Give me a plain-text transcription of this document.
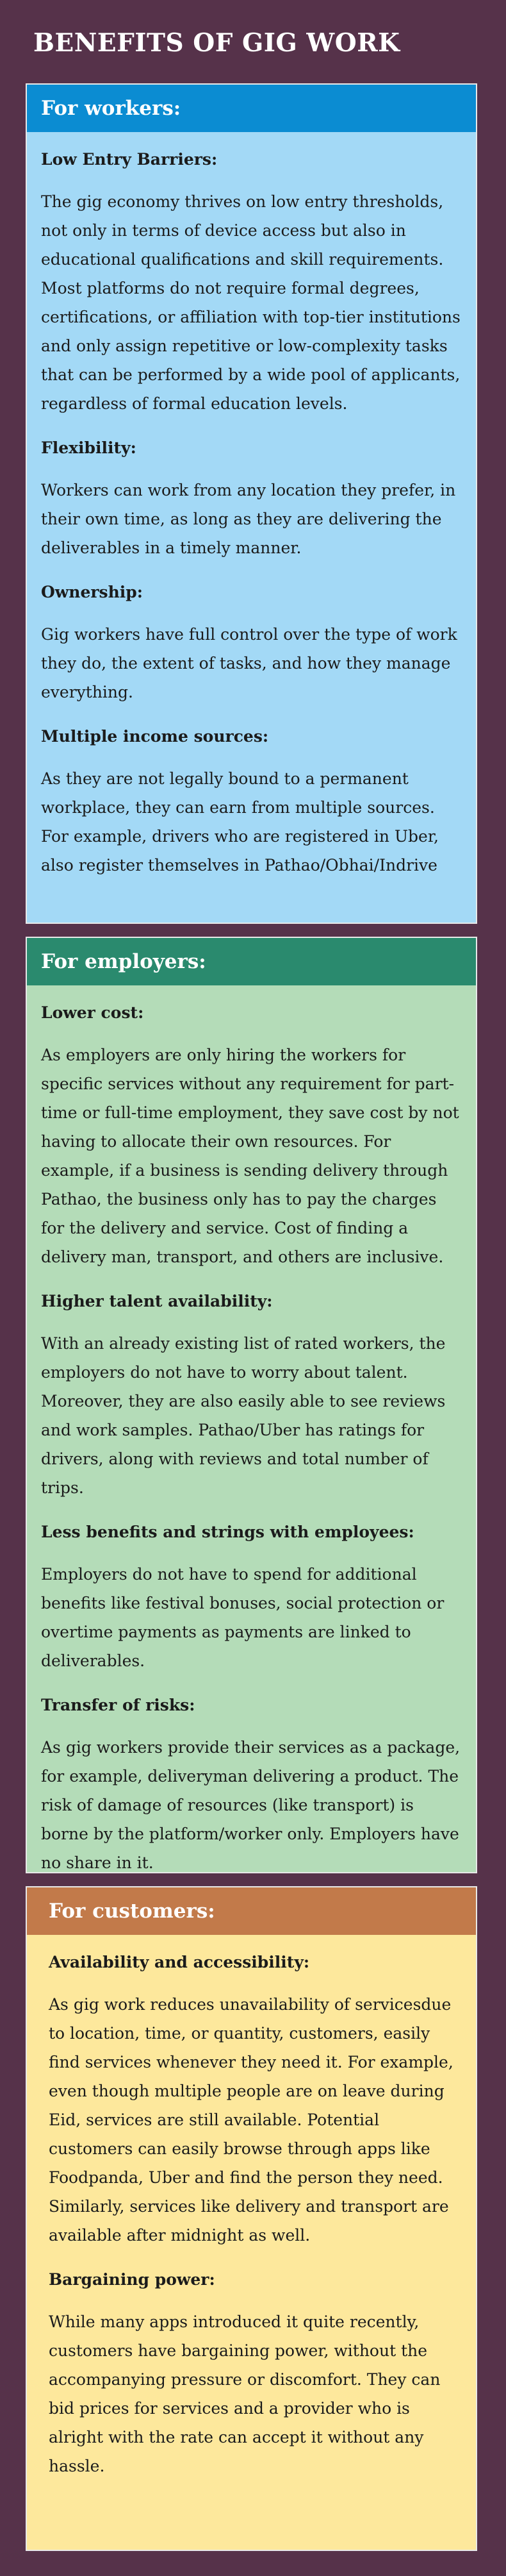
BENEFITS OF GIG WORK
For workers:
Low Entry Barriers:

The gig economy thrives on low entry thresholds, not only in terms of device access but also in educational qualifications and skill requirements. Most platforms do not require formal degrees, certifications, or affiliation with top-tier institutions and only assign repetitive or low-complexity tasks that can be performed by a wide pool of applicants, regardless of formal education levels.

Flexibility:

Workers can work from any location they prefer, in their own time, as long as they are delivering the deliverables in a timely manner.

Ownership:

Gig workers have full control over the type of work they do, the extent of tasks, and how they manage everything.

Multiple income sources:

As they are not legally bound to a permanent workplace, they can earn from multiple sources. For example, drivers who are registered in Uber, also register themselves in Pathao/Obhai/Indrive

For employers:
Lower cost:

As employers are only hiring the workers for specific services without any requirement for part-time or full-time employment, they save cost by not having to allocate their own resources. For example, if a business is sending delivery through Pathao, the business only has to pay the charges for the delivery and service. Cost of finding a delivery man, transport, and others are inclusive.

Higher talent availability:

With an already existing list of rated workers, the employers do not have to worry about talent. Moreover, they are also easily able to see reviews and work samples. Pathao/Uber has ratings for drivers, along with reviews and total number of trips.

Less benefits and strings with employees:

Employers do not have to spend for additional benefits like festival bonuses, social protection or overtime payments as payments are linked to deliverables.

Transfer of risks:

As gig workers provide their services as a package, for example, deliveryman delivering a product. The risk of damage of resources (like transport) is borne by the platform/worker only. Employers have no share in it.

For customers:
Availability and accessibility:

As gig work reduces unavailability of servicesdue to location, time, or quantity, customers, easily find services whenever they need it. For example, even though multiple people are on leave during Eid, services are still available. Potential customers can easily browse through apps like Foodpanda, Uber and find the person they need. Similarly, services like delivery and transport are available after midnight as well.

Bargaining power:

While many apps introduced it quite recently, customers have bargaining power, without the accompanying pressure or discomfort. They can bid prices for services and a provider who is alright with the rate can accept it without any hassle.
